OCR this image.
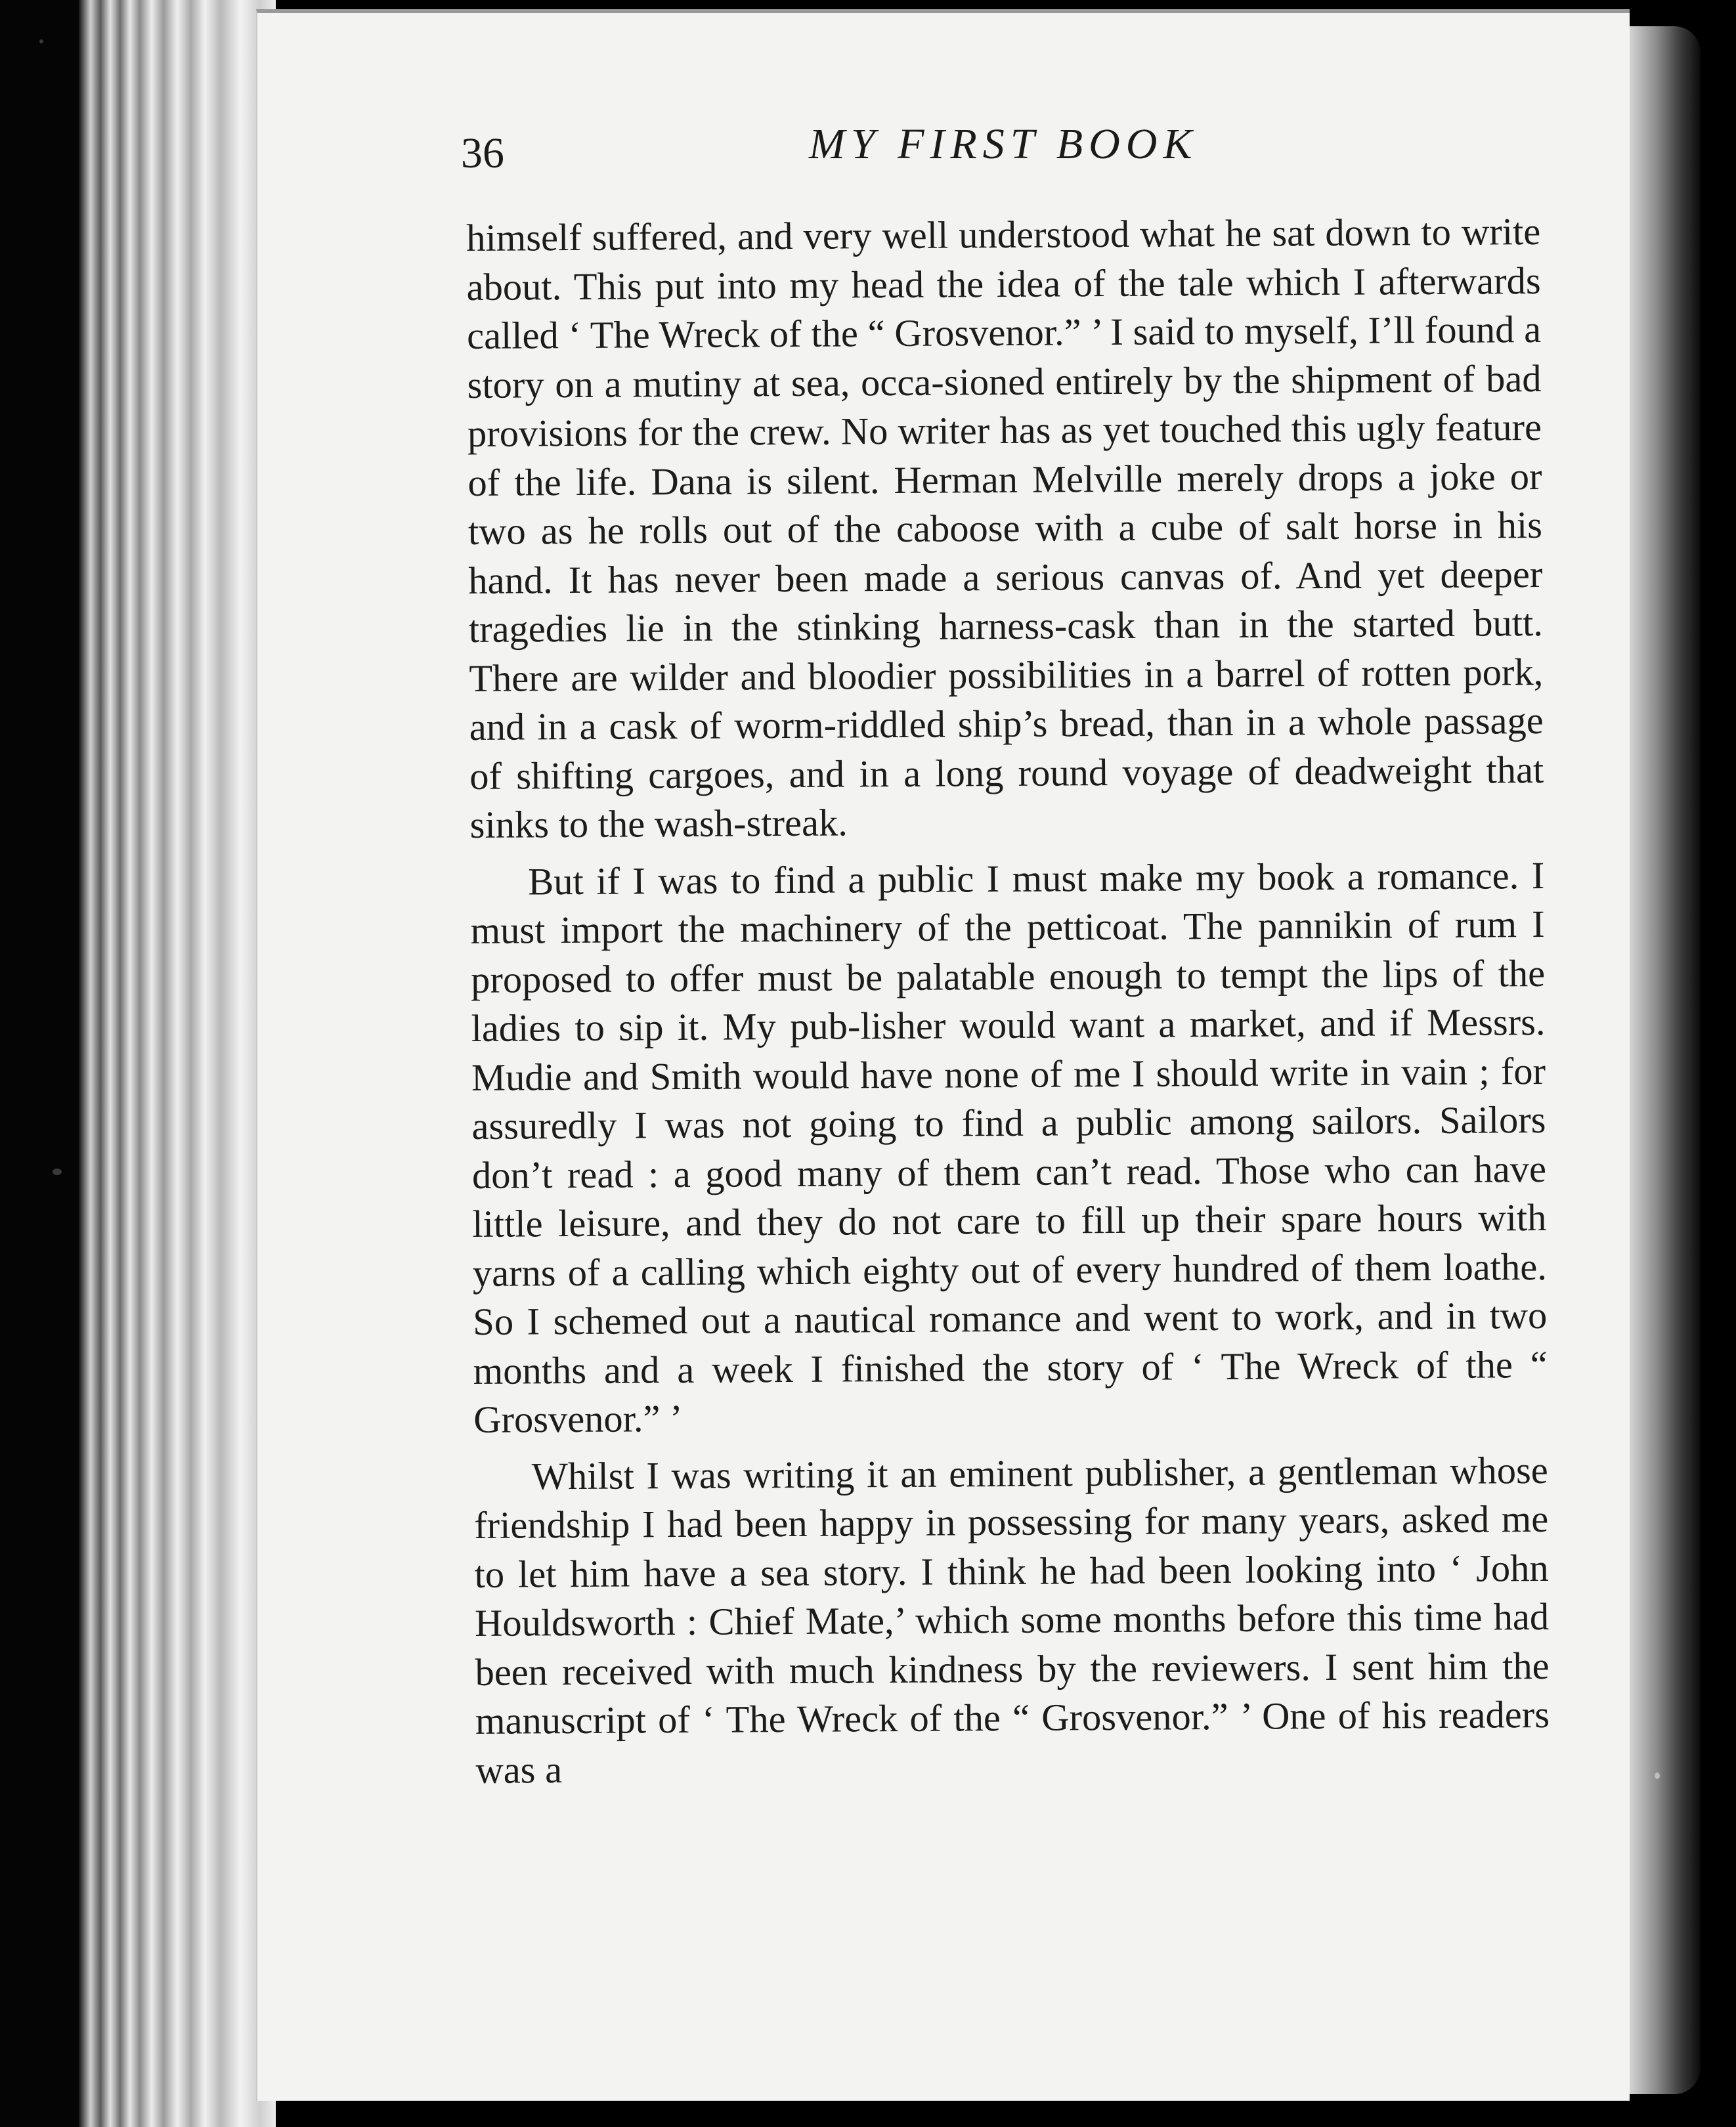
36	MY FIRST BOOK

himself suffered, and very well understood what he sat down to write about. This put into my head the idea of the tale which I afterwards called ‘ The Wreck of the “ Grosvenor.” ’ I said to myself, I’ll found a story on a mutiny at sea, occa-sioned entirely by the shipment of bad provisions for the crew. No writer has as yet touched this ugly feature of the life. Dana is silent. Herman Melville merely drops a joke or two as he rolls out of the caboose with a cube of salt horse in his hand. It has never been made a serious canvas of. And yet deeper tragedies lie in the stinking harness-cask than in the started butt. There are wilder and bloodier possibilities in a barrel of rotten pork, and in a cask of worm-riddled ship’s bread, than in a whole passage of shifting cargoes, and in a long round voyage of deadweight that sinks to the wash-streak.

But if I was to find a public I must make my book a romance. I must import the machinery of the petticoat. The pannikin of rum I proposed to offer must be palatable enough to tempt the lips of the ladies to sip it. My pub-lisher would want a market, and if Messrs. Mudie and Smith would have none of me I should write in vain ; for assuredly I was not going to find a public among sailors. Sailors don’t read : a good many of them can’t read. Those who can have little leisure, and they do not care to fill up their spare hours with yarns of a calling which eighty out of every hundred of them loathe. So I schemed out a nautical romance and went to work, and in two months and a week I finished the story of ‘ The Wreck of the “ Grosvenor.” ’

Whilst I was writing it an eminent publisher, a gentleman whose friendship I had been happy in possessing for many years, asked me to let him have a sea story. I think he had been looking into ‘ John Houldsworth : Chief Mate,’ which some months before this time had been received with much kindness by the reviewers. I sent him the manuscript of ‘ The Wreck of the “ Grosvenor.” ’ One of his readers was a
